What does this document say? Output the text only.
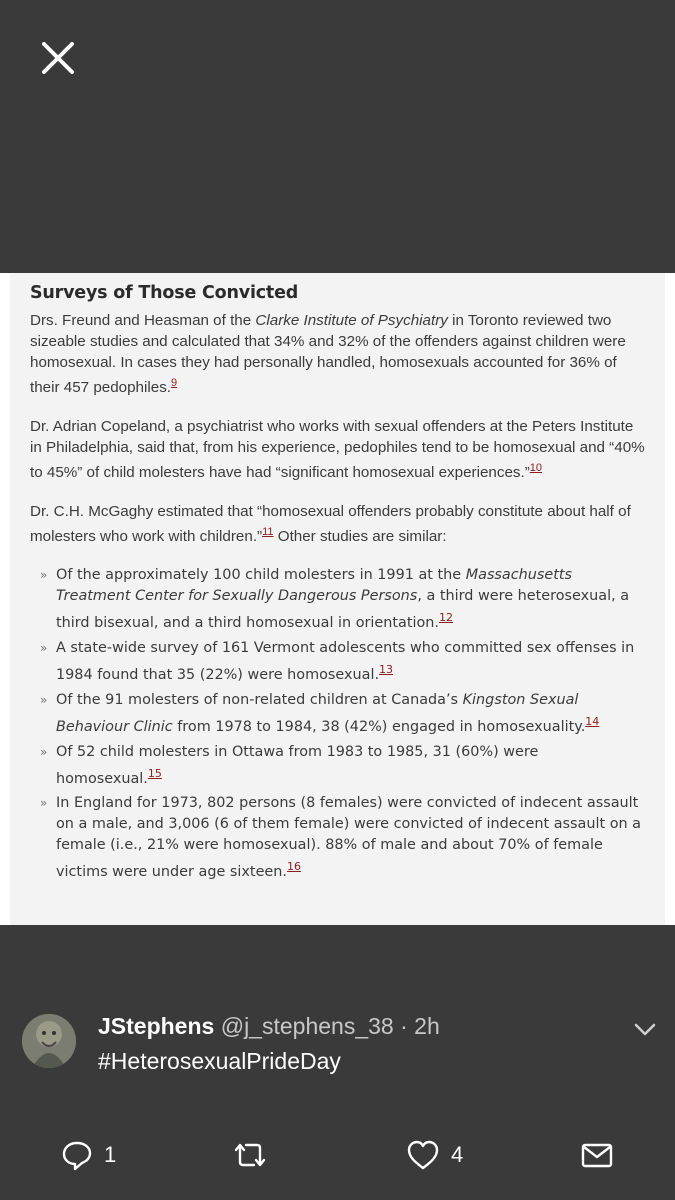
Surveys of Those Convicted

Drs. Freund and Heasman of the Clarke Institute of Psychiatry in Toronto reviewed two sizeable studies and calculated that 34% and 32% of the offenders against children were homosexual. In cases they had personally handled, homosexuals accounted for 36% of their 457 pedophiles.$^9$

Dr. Adrian Copeland, a psychiatrist who works with sexual offenders at the Peters Institute in Philadelphia, said that, from his experience, pedophiles tend to be homosexual and “40% to 45%” of child molesters have had “significant homosexual experiences.”$^{10}$

Dr. C.H. McGaghy estimated that “homosexual offenders probably constitute about half of molesters who work with children.”$^{11}$ Other studies are similar:

» Of the approximately 100 child molesters in 1991 at the Massachusetts Treatment Center for Sexually Dangerous Persons, a third were heterosexual, a third bisexual, and a third homosexual in orientation.$^{12}$
» A state-wide survey of 161 Vermont adolescents who committed sex offenses in 1984 found that 35 (22%) were homosexual.$^{13}$
» Of the 91 molesters of non-related children at Canada’s Kingston Sexual Behaviour Clinic from 1978 to 1984, 38 (42%) engaged in homosexuality.$^{14}$
» Of 52 child molesters in Ottawa from 1983 to 1985, 31 (60%) were homosexual.$^{15}$
» In England for 1973, 802 persons (8 females) were convicted of indecent assault on a male, and 3,006 (6 of them female) were convicted of indecent assault on a female (i.e., 21% were homosexual). 88% of male and about 70% of female victims were under age sixteen.$^{16}$
JStephens @j_stephens_38 · 2h
#HeterosexualPrideDay
1	4
